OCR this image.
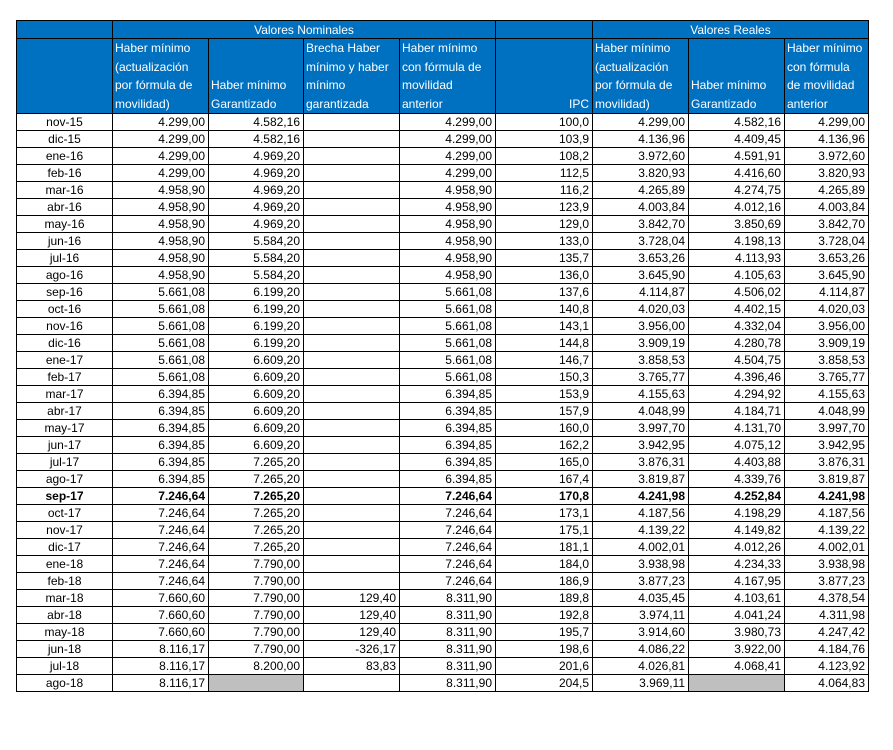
	Valores Nominales					Valores Reales		
	Haber mínimo (actualización por fórmula de movilidad)	Haber mínimo Garantizado	Brecha Haber mínimo y haber mínimo garantizada	Haber mínimo con fórmula de movilidad anterior	IPC	Haber mínimo (actualización por fórmula de movilidad)	Haber mínimo Garantizado	Haber mínimo con fórmula de movilidad anterior
nov-15	4.299,00	4.582,16		4.299,00	100,0	4.299,00	4.582,16	4.299,00
dic-15	4.299,00	4.582,16		4.299,00	103,9	4.136,96	4.409,45	4.136,96
ene-16	4.299,00	4.969,20		4.299,00	108,2	3.972,60	4.591,91	3.972,60
feb-16	4.299,00	4.969,20		4.299,00	112,5	3.820,93	4.416,60	3.820,93
mar-16	4.958,90	4.969,20		4.958,90	116,2	4.265,89	4.274,75	4.265,89
abr-16	4.958,90	4.969,20		4.958,90	123,9	4.003,84	4.012,16	4.003,84
may-16	4.958,90	4.969,20		4.958,90	129,0	3.842,70	3.850,69	3.842,70
jun-16	4.958,90	5.584,20		4.958,90	133,0	3.728,04	4.198,13	3.728,04
jul-16	4.958,90	5.584,20		4.958,90	135,7	3.653,26	4.113,93	3.653,26
ago-16	4.958,90	5.584,20		4.958,90	136,0	3.645,90	4.105,63	3.645,90
sep-16	5.661,08	6.199,20		5.661,08	137,6	4.114,87	4.506,02	4.114,87
oct-16	5.661,08	6.199,20		5.661,08	140,8	4.020,03	4.402,15	4.020,03
nov-16	5.661,08	6.199,20		5.661,08	143,1	3.956,00	4.332,04	3.956,00
dic-16	5.661,08	6.199,20		5.661,08	144,8	3.909,19	4.280,78	3.909,19
ene-17	5.661,08	6.609,20		5.661,08	146,7	3.858,53	4.504,75	3.858,53
feb-17	5.661,08	6.609,20		5.661,08	150,3	3.765,77	4.396,46	3.765,77
mar-17	6.394,85	6.609,20		6.394,85	153,9	4.155,63	4.294,92	4.155,63
abr-17	6.394,85	6.609,20		6.394,85	157,9	4.048,99	4.184,71	4.048,99
may-17	6.394,85	6.609,20		6.394,85	160,0	3.997,70	4.131,70	3.997,70
jun-17	6.394,85	6.609,20		6.394,85	162,2	3.942,95	4.075,12	3.942,95
jul-17	6.394,85	7.265,20		6.394,85	165,0	3.876,31	4.403,88	3.876,31
ago-17	6.394,85	7.265,20		6.394,85	167,4	3.819,87	4.339,76	3.819,87
sep-17	7.246,64	7.265,20		7.246,64	170,8	4.241,98	4.252,84	4.241,98
oct-17	7.246,64	7.265,20		7.246,64	173,1	4.187,56	4.198,29	4.187,56
nov-17	7.246,64	7.265,20		7.246,64	175,1	4.139,22	4.149,82	4.139,22
dic-17	7.246,64	7.265,20		7.246,64	181,1	4.002,01	4.012,26	4.002,01
ene-18	7.246,64	7.790,00		7.246,64	184,0	3.938,98	4.234,33	3.938,98
feb-18	7.246,64	7.790,00		7.246,64	186,9	3.877,23	4.167,95	3.877,23
mar-18	7.660,60	7.790,00	129,40	8.311,90	189,8	4.035,45	4.103,61	4.378,54
abr-18	7.660,60	7.790,00	129,40	8.311,90	192,8	3.974,11	4.041,24	4.311,98
may-18	7.660,60	7.790,00	129,40	8.311,90	195,7	3.914,60	3.980,73	4.247,42
jun-18	8.116,17	7.790,00	-326,17	8.311,90	198,6	4.086,22	3.922,00	4.184,76
jul-18	8.116,17	8.200,00	83,83	8.311,90	201,6	4.026,81	4.068,41	4.123,92
ago-18	8.116,17			8.311,90	204,5	3.969,11		4.064,83
